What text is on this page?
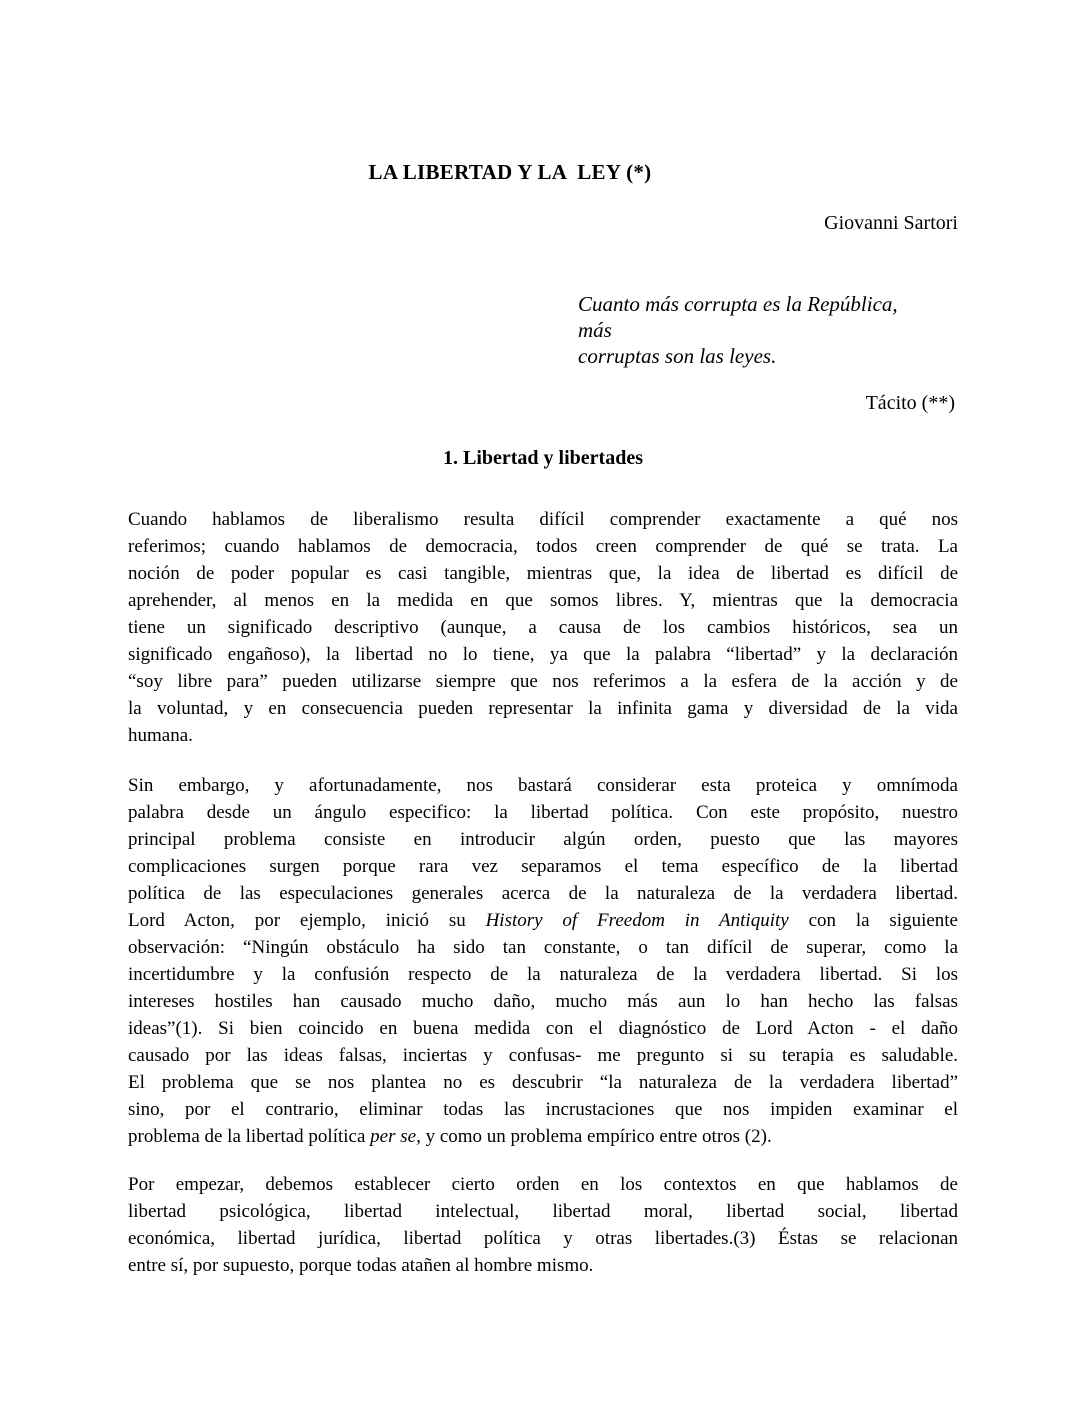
LA LIBERTAD Y LA  LEY (*)
Giovanni Sartori
Cuanto más corrupta es la República,
más
corruptas son las leyes.
Tácito (**)
1. Libertad y libertades
Cuando hablamos de liberalismo resulta difícil comprender exactamente a qué nos
referimos; cuando hablamos de democracia, todos creen comprender de qué se trata. La
noción de poder popular es casi tangible, mientras que, la idea de libertad es difícil de
aprehender, al menos en la medida en que somos libres. Y, mientras que la democracia
tiene un significado descriptivo (aunque, a causa de los cambios históricos, sea un
significado engañoso), la libertad no lo tiene, ya que la palabra “libertad” y la declaración
“soy libre para” pueden utilizarse siempre que nos referimos a la esfera de la acción y de
la voluntad, y en consecuencia pueden representar la infinita gama y diversidad de la vida
humana.
Sin embargo, y afortunadamente, nos bastará considerar esta proteica y omnímoda
palabra desde un ángulo especifico: la libertad política. Con este propósito, nuestro
principal problema consiste en introducir algún orden, puesto que las mayores
complicaciones surgen porque rara vez separamos el tema específico de la libertad
política de las especulaciones generales acerca de la naturaleza de la verdadera libertad.
Lord Acton, por ejemplo, inició su History of Freedom in Antiquity con la siguiente
observación: “Ningún obstáculo ha sido tan constante, o tan difícil de superar, como la
incertidumbre y la confusión respecto de la naturaleza de la verdadera libertad. Si los
intereses hostiles han causado mucho daño, mucho más aun lo han hecho las falsas
ideas”(1). Si bien coincido en buena medida con el diagnóstico de Lord Acton - el daño
causado por las ideas falsas, inciertas y confusas- me pregunto si su terapia es saludable.
El problema que se nos plantea no es descubrir “la naturaleza de la verdadera libertad”
sino, por el contrario, eliminar todas las incrustaciones que nos impiden examinar el
problema de la libertad política per se, y como un problema empírico entre otros (2).
Por empezar, debemos establecer cierto orden en los contextos en que hablamos de
libertad psicológica, libertad intelectual, libertad moral, libertad social, libertad
económica, libertad jurídica, libertad política y otras libertades.(3) Éstas se relacionan
entre sí, por supuesto, porque todas atañen al hombre mismo.
